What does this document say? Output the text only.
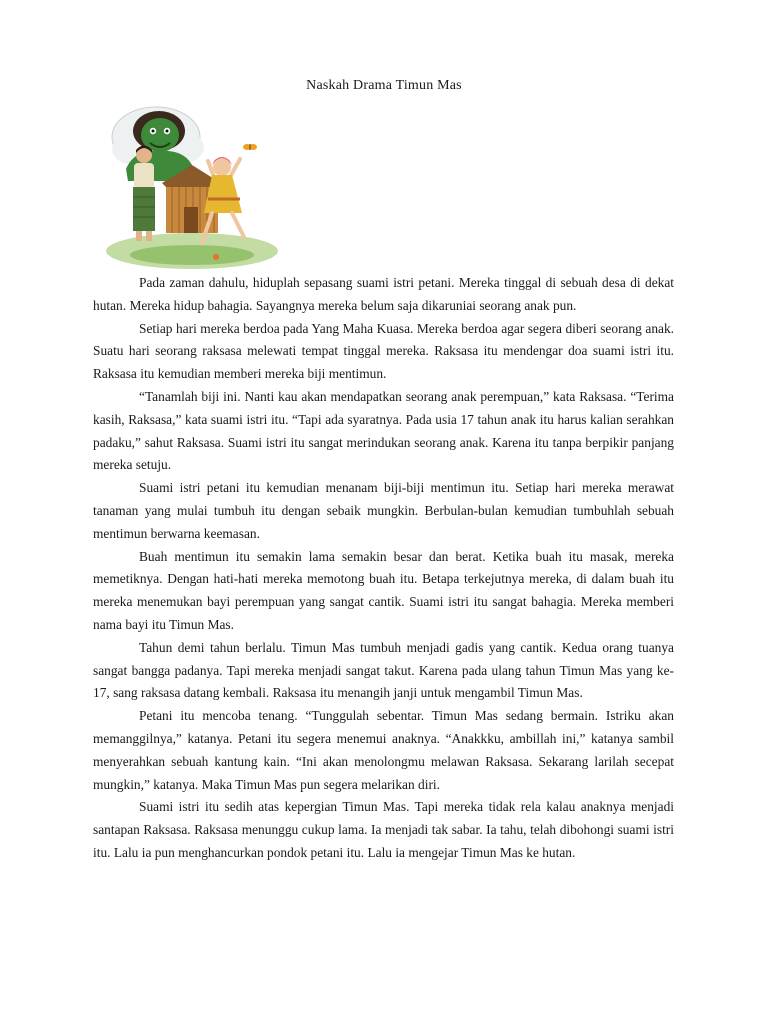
Naskah Drama Timun Mas

Pada zaman dahulu, hiduplah sepasang suami istri petani. Mereka tinggal di sebuah desa di dekat hutan. Mereka hidup bahagia. Sayangnya mereka belum saja dikaruniai seorang anak pun.

Setiap hari mereka berdoa pada Yang Maha Kuasa. Mereka berdoa agar segera diberi seorang anak. Suatu hari seorang raksasa melewati tempat tinggal mereka. Raksasa itu mendengar doa suami istri itu. Raksasa itu kemudian memberi mereka biji mentimun.

“Tanamlah biji ini. Nanti kau akan mendapatkan seorang anak perempuan,” kata Raksasa. “Terima kasih, Raksasa,” kata suami istri itu. “Tapi ada syaratnya. Pada usia 17 tahun anak itu harus kalian serahkan padaku,” sahut Raksasa. Suami istri itu sangat merindukan seorang anak. Karena itu tanpa berpikir panjang mereka setuju.

Suami istri petani itu kemudian menanam biji-biji mentimun itu. Setiap hari mereka merawat tanaman yang mulai tumbuh itu dengan sebaik mungkin. Berbulan-bulan kemudian tumbuhlah sebuah mentimun berwarna keemasan.

Buah mentimun itu semakin lama semakin besar dan berat. Ketika buah itu masak, mereka memetiknya. Dengan hati-hati mereka memotong buah itu. Betapa terkejutnya mereka, di dalam buah itu mereka menemukan bayi perempuan yang sangat cantik. Suami istri itu sangat bahagia. Mereka memberi nama bayi itu Timun Mas.

Tahun demi tahun berlalu. Timun Mas tumbuh menjadi gadis yang cantik. Kedua orang tuanya sangat bangga padanya. Tapi mereka menjadi sangat takut. Karena pada ulang tahun Timun Mas yang ke-17, sang raksasa datang kembali. Raksasa itu menangih janji untuk mengambil Timun Mas.

Petani itu mencoba tenang. “Tunggulah sebentar. Timun Mas sedang bermain. Istriku akan memanggilnya,” katanya. Petani itu segera menemui anaknya. “Anakkku, ambillah ini,” katanya sambil menyerahkan sebuah kantung kain. “Ini akan menolongmu melawan Raksasa. Sekarang larilah secepat mungkin,” katanya. Maka Timun Mas pun segera melarikan diri.

Suami istri itu sedih atas kepergian Timun Mas. Tapi mereka tidak rela kalau anaknya menjadi santapan Raksasa. Raksasa menunggu cukup lama. Ia menjadi tak sabar. Ia tahu, telah dibohongi suami istri itu. Lalu ia pun menghancurkan pondok petani itu. Lalu ia mengejar Timun Mas ke hutan.
